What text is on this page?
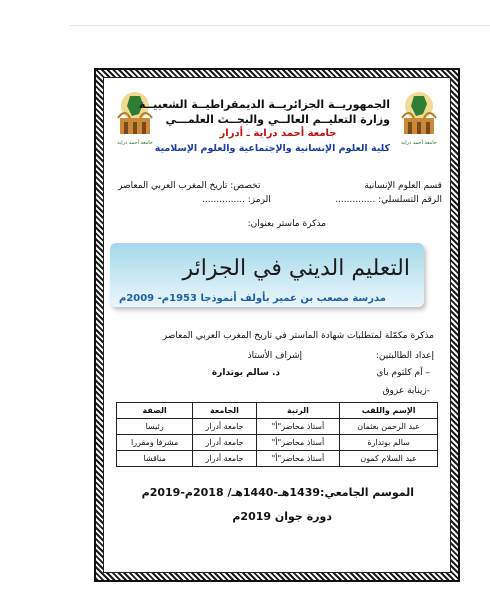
جامعة أحمد دراية
جامعة أحمد دراية
الجمهوريــة الجزائريــة الديمقراطيــة الشعبيــة
وزارة التعليــم العالــي والبحــث العلمـــي
جامعة أحمد دراية ـ أدرار
كلية العلوم الإنسانية والإجتماعية والعلوم الإسلامية
قسم العلوم الإنسانية
الرقم التسلسلي: ..............
تخصص: تاريخ المغرب العربي المعاصر
الرمز: ...............
مذكرة ماستر بعنوان:
التعليم الديني في الجزائر
مدرسة مصعب بن عمير بأولف أنموذجا 1953م- 2009م
مذكرة مكمّلة لمتطلبات شهادة الماستر في تاريخ المغرب العربي المعاصر
إعداد الطالبتين:
إشراف الأستاذ
– آم كلثوم باي
د. سالم بوتدارة
-زينابة عزوق
الإسم واللقب	الرتبة	الجامعة	الصفة
عبد الرحمن بعثمان	أستاذ محاضر"أ"	جامعة أدرار	رئيسا
سالم بوتدارة	أستاذ محاضر"أ"	جامعة أدرار	مشرفا ومقررا
عبد السلام كمون	أستاذ محاضر"أ"	جامعة أدرار	مناقشا
الموسم الجامعي:1439هـ-1440هـ/ 2018م-2019م
دورة جوان 2019م
